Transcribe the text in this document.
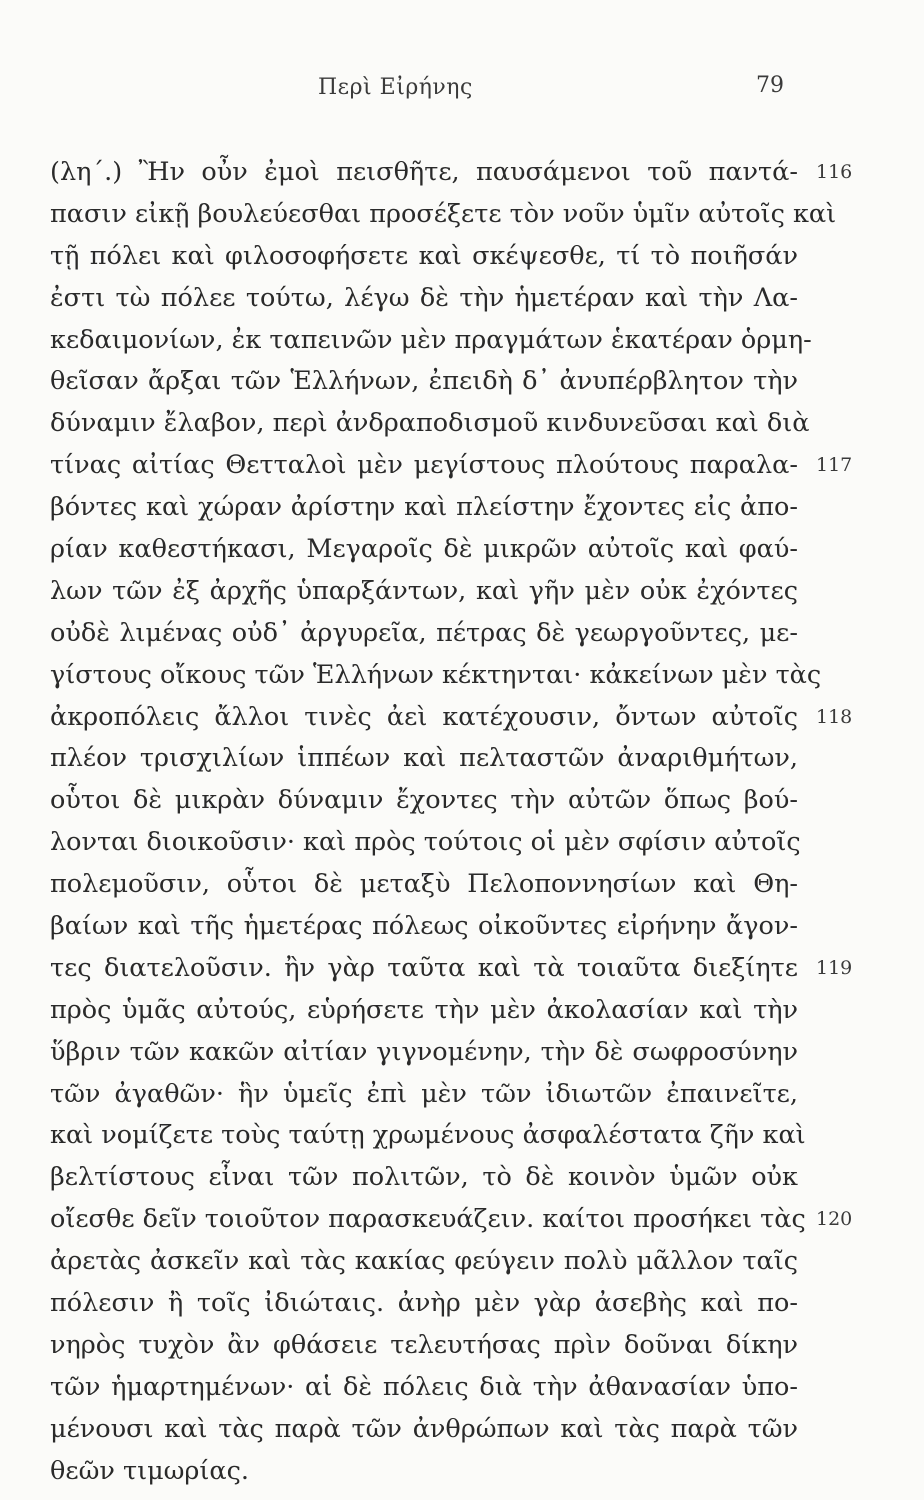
Περὶ Εἰρήνης	79
(λη΄.) Ἢν οὖν ἐμοὶ πεισθῆτε, παυσάμενοι τοῦ παντά- 116
πασιν εἰκῇ βουλεύεσθαι προσέξετε τὸν νοῦν ὑμῖν αὐτοῖς καὶ
τῇ πόλει καὶ φιλοσοφήσετε καὶ σκέψεσθε, τί τὸ ποιῆσάν
ἐστι τὼ πόλεε τούτω, λέγω δὲ τὴν ἡμετέραν καὶ τὴν Λα-
κεδαιμονίων, ἐκ ταπεινῶν μὲν πραγμάτων ἑκατέραν ὁρμη-
θεῖσαν ἄρξαι τῶν Ἑλλήνων, ἐπειδὴ δ᾽ ἀνυπέρβλητον τὴν
δύναμιν ἔλαβον, περὶ ἀνδραποδισμοῦ κινδυνεῦσαι καὶ διὰ
τίνας αἰτίας Θετταλοὶ μὲν μεγίστους πλούτους παραλα- 117
βόντες καὶ χώραν ἀρίστην καὶ πλείστην ἔχοντες εἰς ἀπο-
ρίαν καθεστήκασι, Μεγαροῖς δὲ μικρῶν αὐτοῖς καὶ φαύ-
λων τῶν ἐξ ἀρχῆς ὑπαρξάντων, καὶ γῆν μὲν οὐκ ἐχόντες
οὐδὲ λιμένας οὐδ᾽ ἀργυρεῖα, πέτρας δὲ γεωργοῦντες, με-
γίστους οἴκους τῶν Ἑλλήνων κέκτηνται· κἀκείνων μὲν τὰς
ἀκροπόλεις ἄλλοι τινὲς ἀεὶ κατέχουσιν, ὄντων αὐτοῖς 118
πλέον τρισχιλίων ἱππέων καὶ πελταστῶν ἀναριθμήτων,
οὗτοι δὲ μικρὰν δύναμιν ἔχοντες τὴν αὐτῶν ὅπως βού-
λονται διοικοῦσιν· καὶ πρὸς τούτοις οἱ μὲν σφίσιν αὐτοῖς
πολεμοῦσιν, οὗτοι δὲ μεταξὺ Πελοποννησίων καὶ Θη-
βαίων καὶ τῆς ἡμετέρας πόλεως οἰκοῦντες εἰρήνην ἄγον-
τες διατελοῦσιν. ἢν γὰρ ταῦτα καὶ τὰ τοιαῦτα διεξίητε 119
πρὸς ὑμᾶς αὐτούς, εὑρήσετε τὴν μὲν ἀκολασίαν καὶ τὴν
ὕβριν τῶν κακῶν αἰτίαν γιγνομένην, τὴν δὲ σωφροσύνην
τῶν ἀγαθῶν· ἣν ὑμεῖς ἐπὶ μὲν τῶν ἰδιωτῶν ἐπαινεῖτε,
καὶ νομίζετε τοὺς ταύτῃ χρωμένους ἀσφαλέστατα ζῆν καὶ
βελτίστους εἶναι τῶν πολιτῶν, τὸ δὲ κοινὸν ὑμῶν οὐκ
οἴεσθε δεῖν τοιοῦτον παρασκευάζειν. καίτοι προσήκει τὰς 120
ἀρετὰς ἀσκεῖν καὶ τὰς κακίας φεύγειν πολὺ μᾶλλον ταῖς
πόλεσιν ἢ τοῖς ἰδιώταις. ἀνὴρ μὲν γὰρ ἀσεβὴς καὶ πο-
νηρὸς τυχὸν ἂν φθάσειε τελευτήσας πρὶν δοῦναι δίκην
τῶν ἡμαρτημένων· αἱ δὲ πόλεις διὰ τὴν ἀθανασίαν ὑπο-
μένουσι καὶ τὰς παρὰ τῶν ἀνθρώπων καὶ τὰς παρὰ τῶν
θεῶν τιμωρίας.
